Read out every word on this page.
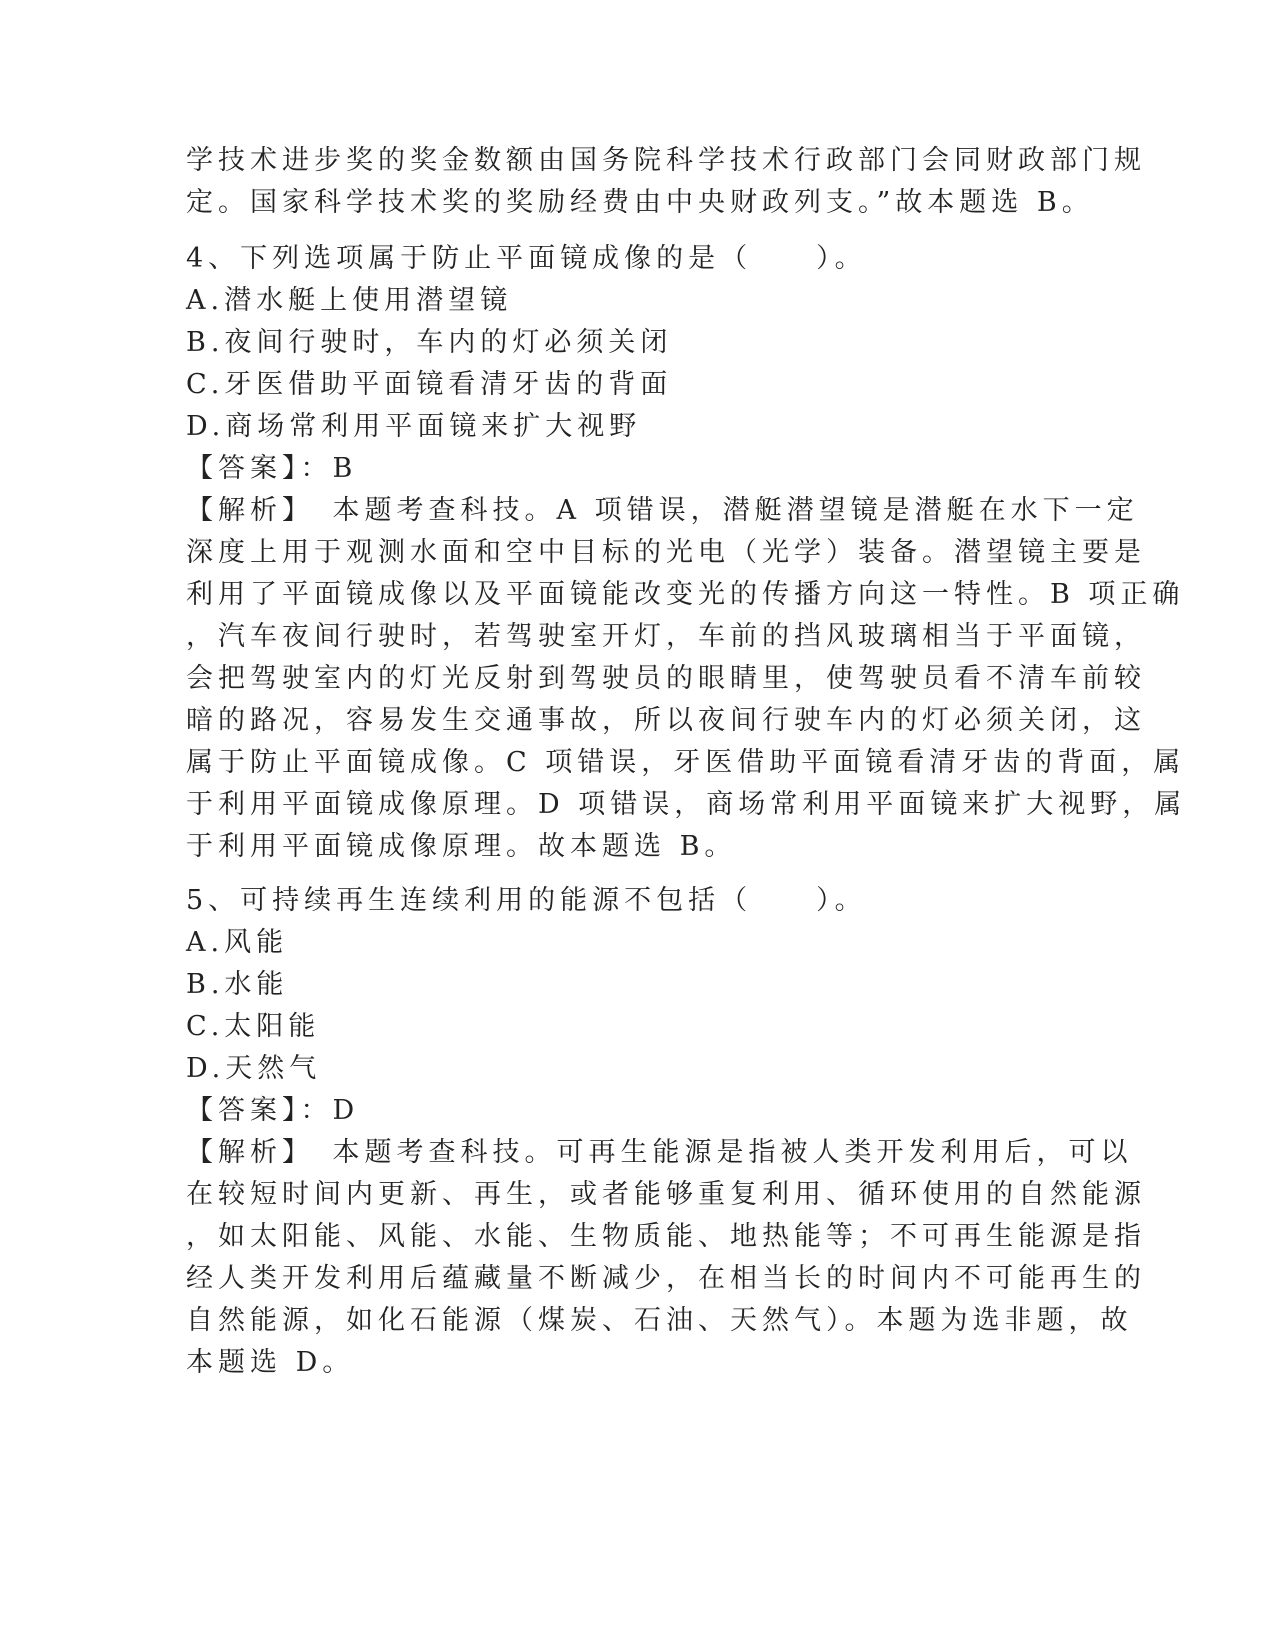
学技术进步奖的奖金数额由国务院科学技术行政部门会同财政部门规
定。国家科学技术奖的奖励经费由中央财政列支。”故本题选 B。
4、下列选项属于防止平面镜成像的是（　　）。
A.潜水艇上使用潜望镜
B.夜间行驶时，车内的灯必须关闭
C.牙医借助平面镜看清牙齿的背面
D.商场常利用平面镜来扩大视野
【答案】：B
【解析】　本题考查科技。A 项错误，潜艇潜望镜是潜艇在水下一定
深度上用于观测水面和空中目标的光电（光学）装备。潜望镜主要是
利用了平面镜成像以及平面镜能改变光的传播方向这一特性。B 项正确
，汽车夜间行驶时，若驾驶室开灯，车前的挡风玻璃相当于平面镜，
会把驾驶室内的灯光反射到驾驶员的眼睛里，使驾驶员看不清车前较
暗的路况，容易发生交通事故，所以夜间行驶车内的灯必须关闭，这
属于防止平面镜成像。C 项错误，牙医借助平面镜看清牙齿的背面，属
于利用平面镜成像原理。D 项错误，商场常利用平面镜来扩大视野，属
于利用平面镜成像原理。故本题选 B。
5、可持续再生连续利用的能源不包括（　　）。
A.风能
B.水能
C.太阳能
D.天然气
【答案】：D
【解析】　本题考查科技。可再生能源是指被人类开发利用后，可以
在较短时间内更新、再生，或者能够重复利用、循环使用的自然能源
，如太阳能、风能、水能、生物质能、地热能等；不可再生能源是指
经人类开发利用后蕴藏量不断减少，在相当长的时间内不可能再生的
自然能源，如化石能源（煤炭、石油、天然气）。本题为选非题，故
本题选 D。
